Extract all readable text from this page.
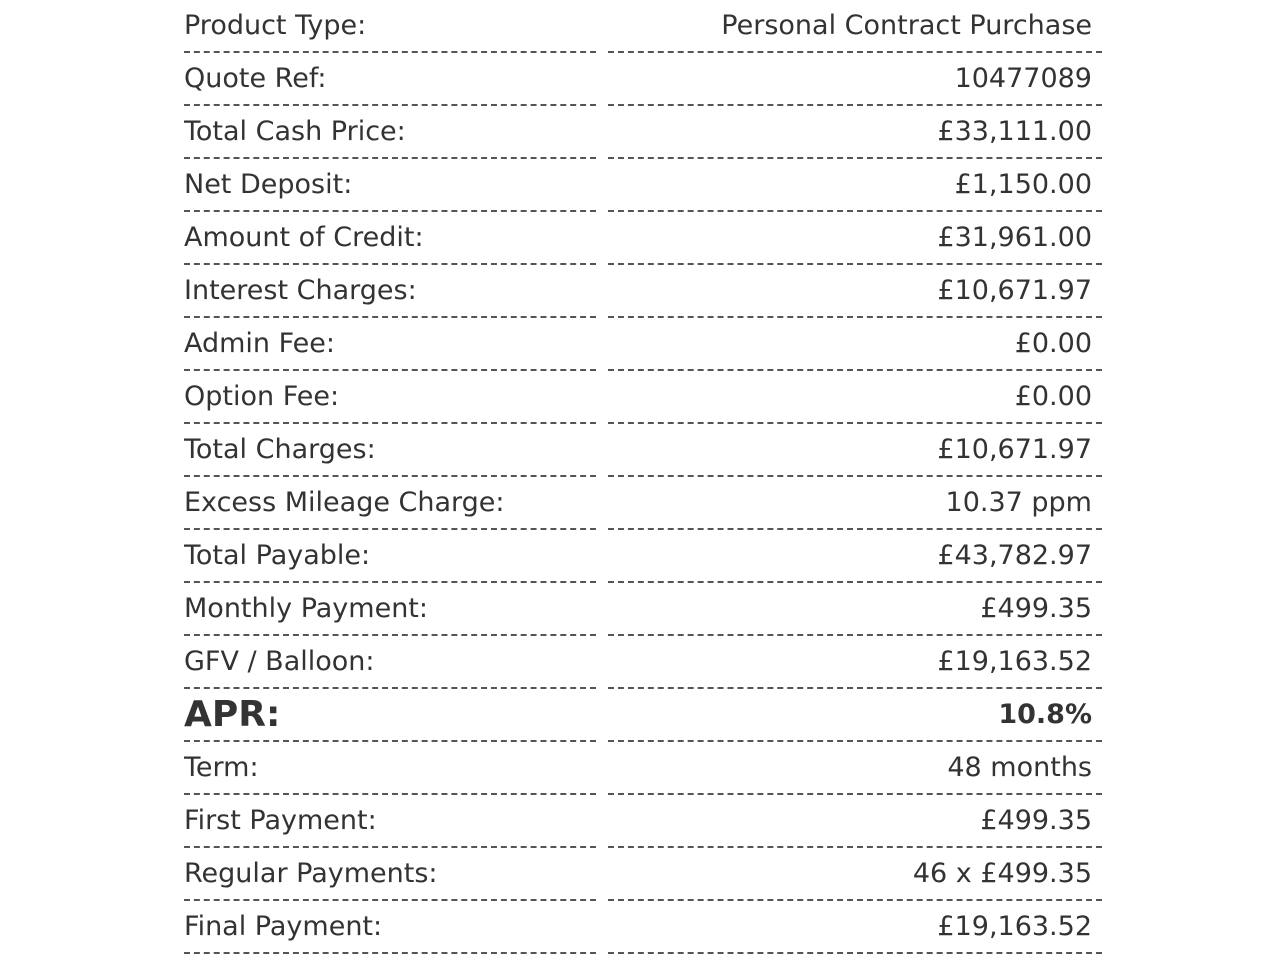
Product Type:		Personal Contract Purchase
Quote Ref:		10477089
Total Cash Price:		£33,111.00
Net Deposit:		£1,150.00
Amount of Credit:		£31,961.00
Interest Charges:		£10,671.97
Admin Fee:		£0.00
Option Fee:		£0.00
Total Charges:		£10,671.97
Excess Mileage Charge:		10.37 ppm
Total Payable:		£43,782.97
Monthly Payment:		£499.35
GFV / Balloon:		£19,163.52
APR:		10.8%
Term:		48 months
First Payment:		£499.35
Regular Payments:		46 x £499.35
Final Payment:		£19,163.52
